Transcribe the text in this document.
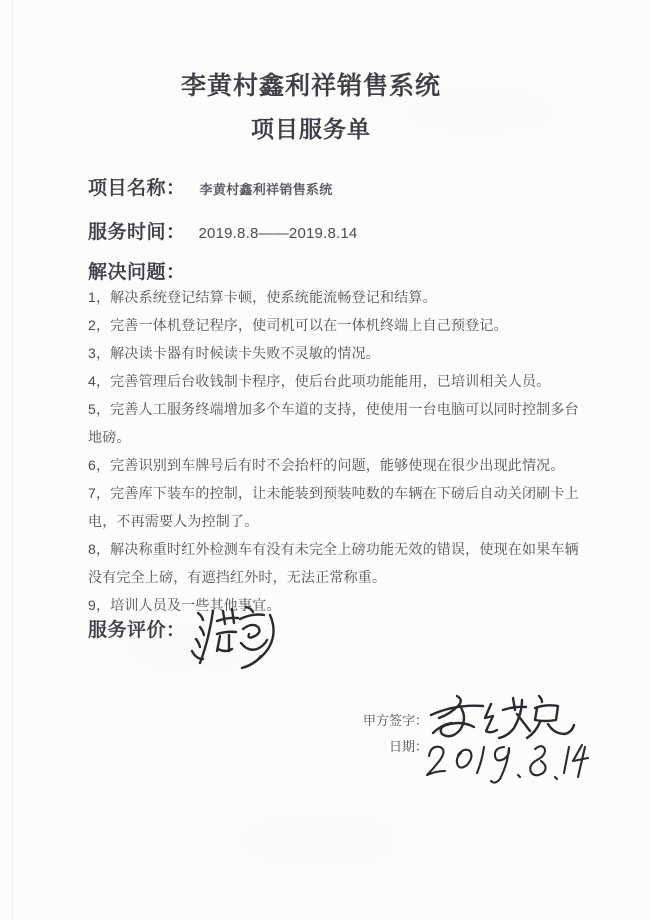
李黄村鑫利祥销售系统
项目服务单
项目名称： 李黄村鑫利祥销售系统
服务时间： 2019.8.8——2019.8.14
解决问题：
1，解决系统登记结算卡顿，使系统能流畅登记和结算。
2，完善一体机登记程序，使司机可以在一体机终端上自己预登记。
3，解决读卡器有时候读卡失败不灵敏的情况。
4，完善管理后台收钱制卡程序，使后台此项功能能用，已培训相关人员。
5，完善人工服务终端增加多个车道的支持，使使用一台电脑可以同时控制多台
地磅。
6，完善识别到车牌号后有时不会抬杆的问题，能够使现在很少出现此情况。
7，完善库下装车的控制，让未能装到预装吨数的车辆在下磅后自动关闭刷卡上
电，不再需要人为控制了。
8，解决称重时红外检测车有没有未完全上磅功能无效的错误，使现在如果车辆
没有完全上磅，有遮挡红外时，无法正常称重。
9，培训人员及一些其他事宜。
服务评价：
甲方签字：
日期：
